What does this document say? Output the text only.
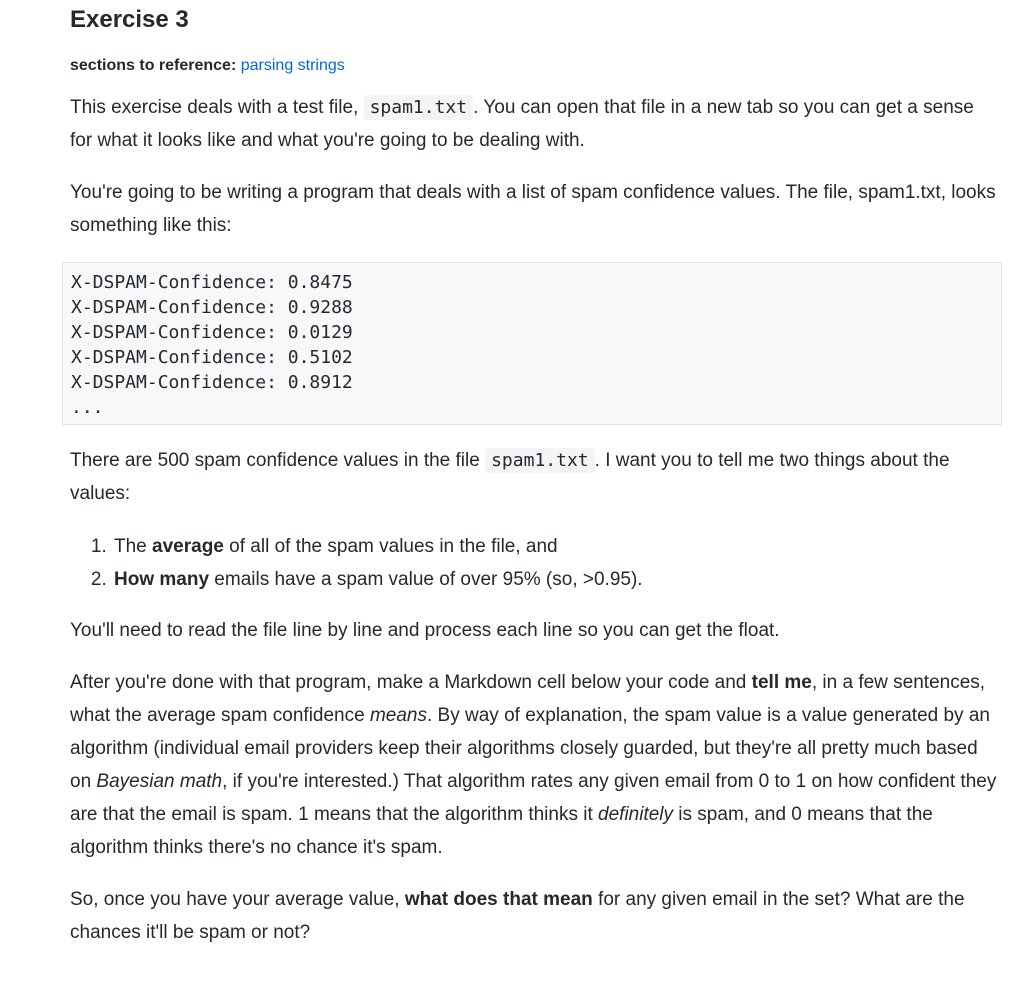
Exercise 3
sections to reference: parsing strings

This exercise deals with a test file, spam1.txt . You can open that file in a new tab so you can get a sense for what it looks like and what you're going to be dealing with.

You're going to be writing a program that deals with a list of spam confidence values. The file, spam1.txt, looks something like this:

X-DSPAM-Confidence: 0.8475
X-DSPAM-Confidence: 0.9288
X-DSPAM-Confidence: 0.0129
X-DSPAM-Confidence: 0.5102
X-DSPAM-Confidence: 0.8912
...

There are 500 spam confidence values in the file spam1.txt . I want you to tell me two things about the values:

1. The average of all of the spam values in the file, and
2. How many emails have a spam value of over 95% (so, >0.95).

You'll need to read the file line by line and process each line so you can get the float.

After you're done with that program, make a Markdown cell below your code and tell me, in a few sentences, what the average spam confidence means. By way of explanation, the spam value is a value generated by an algorithm (individual email providers keep their algorithms closely guarded, but they're all pretty much based on Bayesian math, if you're interested.) That algorithm rates any given email from 0 to 1 on how confident they are that the email is spam. 1 means that the algorithm thinks it definitely is spam, and 0 means that the algorithm thinks there's no chance it's spam.

So, once you have your average value, what does that mean for any given email in the set? What are the chances it'll be spam or not?
